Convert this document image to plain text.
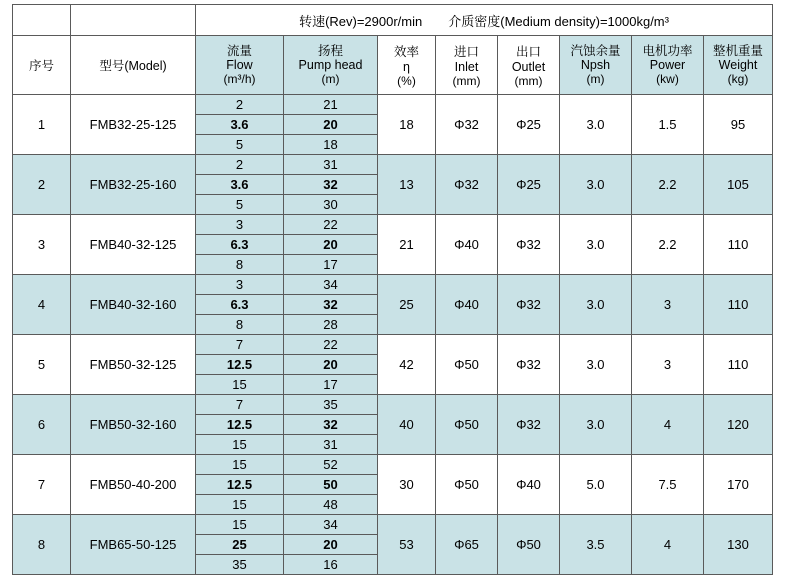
		转速(Rev)=2900r/min 介质密度(Medium density)=1000kg/m³							

序号	型号(Model)	流量
Flow
(m³/h)	扬程
Pump head
(m)	效率
η
(%)	进口
Inlet
(mm)	出口
Outlet
(mm)	汽蚀余量
Npsh
(m)	电机功率
Power
(kw)	整机重量
Weight
(kg)

1	FMB32-25-125	2	21	18	Φ32	Φ25	3.0	1.5	95
		3.6	20						
		5	18						
2	FMB32-25-160	2	31	13	Φ32	Φ25	3.0	2.2	105
		3.6	32						
		5	30						
3	FMB40-32-125	3	22	21	Φ40	Φ32	3.0	2.2	110
		6.3	20						
		8	17						
4	FMB40-32-160	3	34	25	Φ40	Φ32	3.0	3	110
		6.3	32						
		8	28						
5	FMB50-32-125	7	22	42	Φ50	Φ32	3.0	3	110
		12.5	20						
		15	17						
6	FMB50-32-160	7	35	40	Φ50	Φ32	3.0	4	120
		12.5	32						
		15	31						
7	FMB50-40-200	15	52	30	Φ50	Φ40	5.0	7.5	170
		12.5	50						
		15	48						
8	FMB65-50-125	15	34	53	Φ65	Φ50	3.5	4	130
		25	20						
		35	16						
